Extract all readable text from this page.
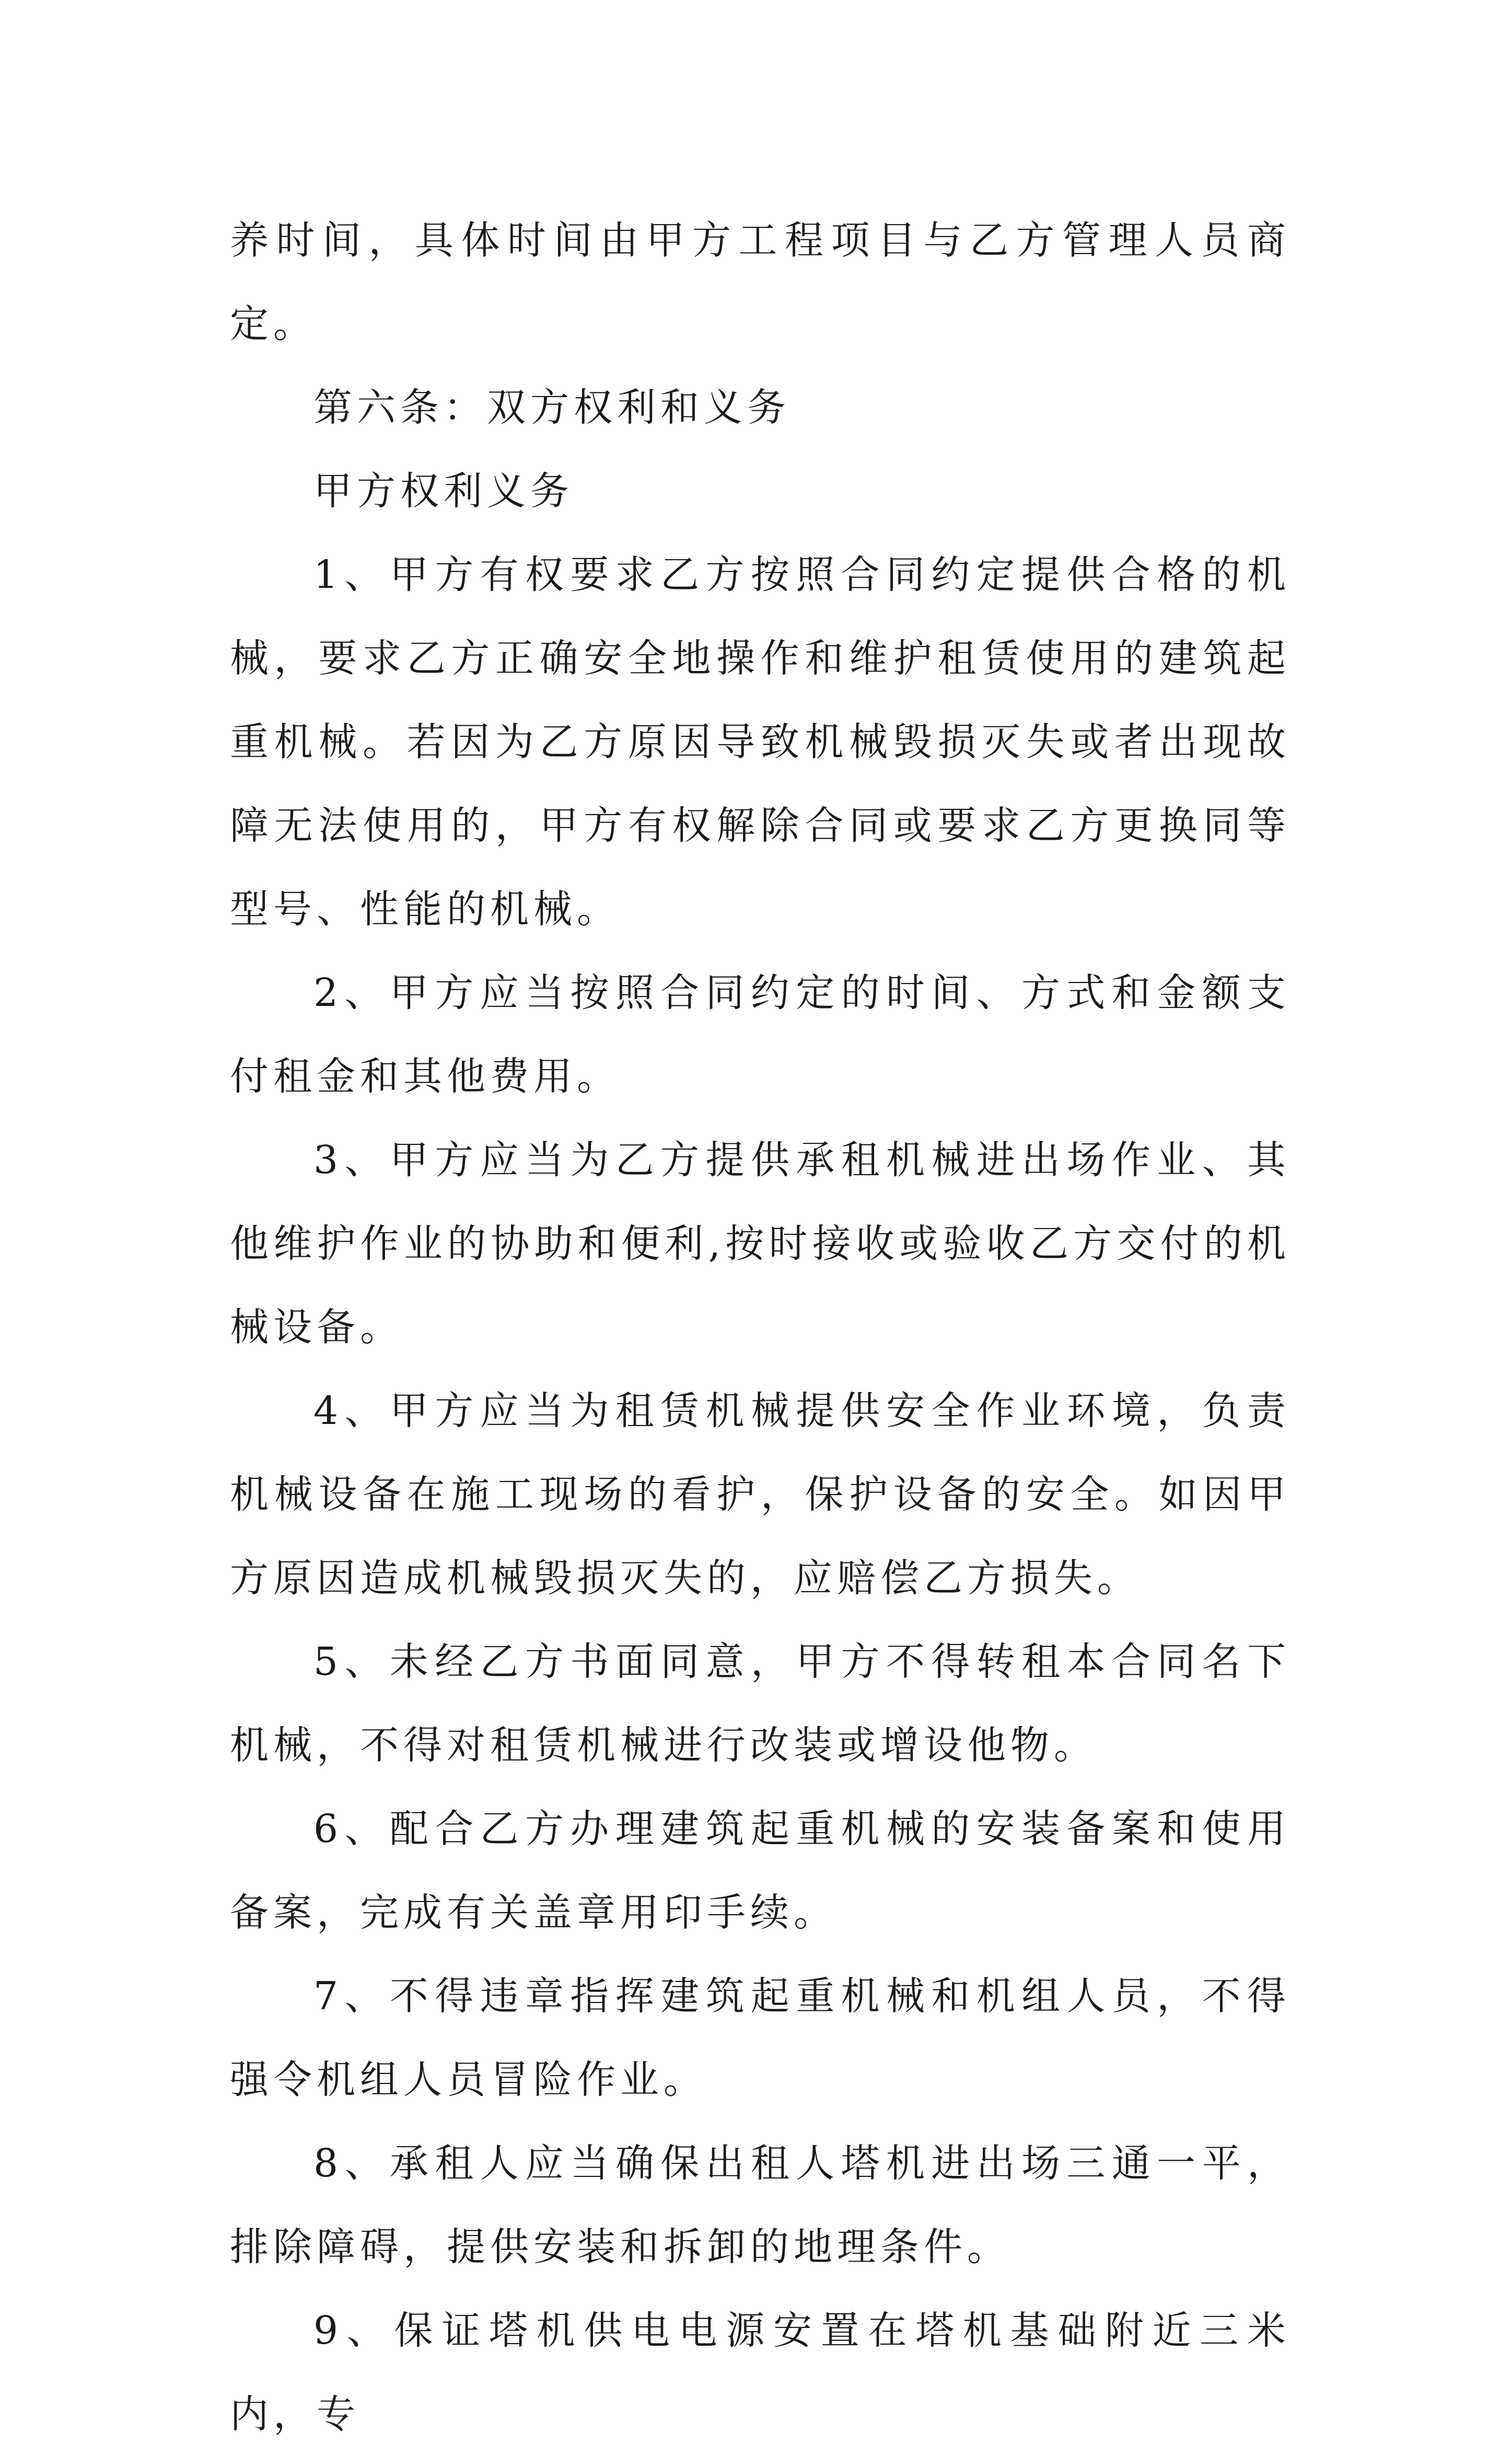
养时间，具体时间由甲方工程项目与乙方管理人员商定。

第六条：双方权利和义务

甲方权利义务

1、甲方有权要求乙方按照合同约定提供合格的机械，要求乙方正确安全地操作和维护租赁使用的建筑起重机械。若因为乙方原因导致机械毁损灭失或者出现故障无法使用的，甲方有权解除合同或要求乙方更换同等型号、性能的机械。

2、甲方应当按照合同约定的时间、方式和金额支付租金和其他费用。

3、甲方应当为乙方提供承租机械进出场作业、其他维护作业的协助和便利,按时接收或验收乙方交付的机械设备。

4、甲方应当为租赁机械提供安全作业环境，负责机械设备在施工现场的看护，保护设备的安全。如因甲方原因造成机械毁损灭失的，应赔偿乙方损失。

5、未经乙方书面同意，甲方不得转租本合同名下机械，不得对租赁机械进行改装或增设他物。

6、配合乙方办理建筑起重机械的安装备案和使用备案，完成有关盖章用印手续。

7、不得违章指挥建筑起重机械和机组人员，不得强令机组人员冒险作业。

8、承租人应当确保出租人塔机进出场三通一平，排除障碍，提供安装和拆卸的地理条件。

9、保证塔机供电电源安置在塔机基础附近三米内，专
